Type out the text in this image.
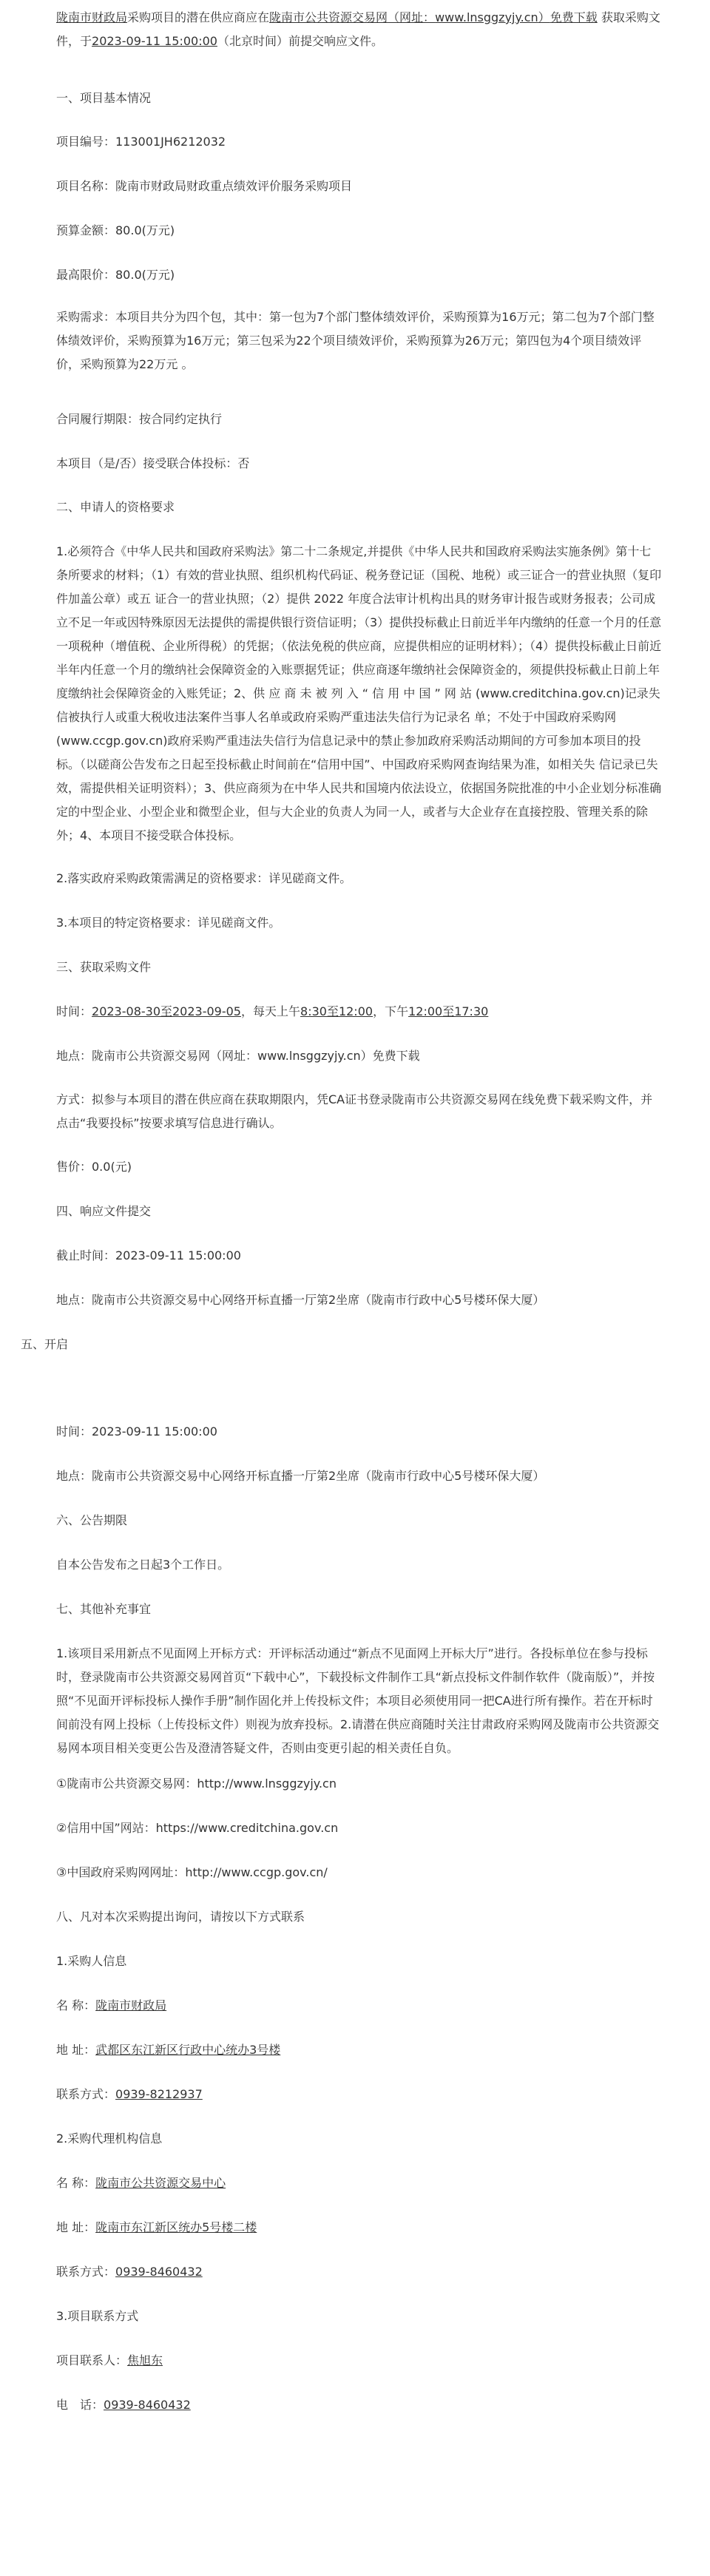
陇南市财政局采购项目的潜在供应商应在陇南市公共资源交易网（网址：www.lnsggzyjy.cn）免费下载 获取采购文件，于2023-09-11 15:00:00（北京时间）前提交响应文件。

一、项目基本情况

项目编号：113001JH6212032

项目名称：陇南市财政局财政重点绩效评价服务采购项目

预算金额：80.0(万元)

最高限价：80.0(万元)

采购需求：本项目共分为四个包，其中：第一包为7个部门整体绩效评价，采购预算为16万元；第二包为7个部门整体绩效评价，采购预算为16万元；第三包采为22个项目绩效评价，采购预算为26万元；第四包为4个项目绩效评价，采购预算为22万元 。

合同履行期限：按合同约定执行

本项目（是/否）接受联合体投标：否

二、申请人的资格要求

1.必须符合《中华人民共和国政府采购法》第二十二条规定,并提供《中华人民共和国政府采购法实施条例》第十七条所要求的材料；（1）有效的营业执照、组织机构代码证、税务登记证（国税、地税）或三证合一的营业执照（复印件加盖公章）或五 证合一的营业执照；（2）提供 2022 年度合法审计机构出具的财务审计报告或财务报表；公司成立不足一年或因特殊原因无法提供的需提供银行资信证明；（3）提供投标截止日前近半年内缴纳的任意一个月的任意一项税种（增值税、企业所得税）的凭据；（依法免税的供应商，应提供相应的证明材料）；（4）提供投标截止日前近半年内任意一个月的缴纳社会保障资金的入账票据凭证；供应商逐年缴纳社会保障资金的，须提供投标截止日前上年度缴纳社会保障资金的入账凭证；2、供 应 商 未 被 列 入 “ 信 用 中 国 ” 网 站 (www.creditchina.gov.cn)记录失信被执行人或重大税收违法案件当事人名单或政府采购严重违法失信行为记录名 单；不处于中国政府采购网(www.ccgp.gov.cn)政府采购严重违法失信行为信息记录中的禁止参加政府采购活动期间的方可参加本项目的投标。（以磋商公告发布之日起至投标截止时间前在“信用中国”、中国政府采购网查询结果为准，如相关失 信记录已失效，需提供相关证明资料）；3、供应商须为在中华人民共和国境内依法设立，依据国务院批准的中小企业划分标准确定的中型企业、小型企业和微型企业，但与大企业的负责人为同一人，或者与大企业存在直接控股、管理关系的除外；4、本项目不接受联合体投标。

2.落实政府采购政策需满足的资格要求：详见磋商文件。

3.本项目的特定资格要求：详见磋商文件。

三、获取采购文件

时间：2023-08-30至2023-09-05，每天上午8:30至12:00，下午12:00至17:30

地点：陇南市公共资源交易网（网址：www.lnsggzyjy.cn）免费下载

方式：拟参与本项目的潜在供应商在获取期限内，凭CA证书登录陇南市公共资源交易网在线免费下载采购文件，并点击“我要投标”按要求填写信息进行确认。

售价：0.0(元)

四、响应文件提交

截止时间：2023-09-11 15:00:00

地点：陇南市公共资源交易中心网络开标直播一厅第2坐席（陇南市行政中心5号楼环保大厦）

五、开启

时间：2023-09-11 15:00:00

地点：陇南市公共资源交易中心网络开标直播一厅第2坐席（陇南市行政中心5号楼环保大厦）

六、公告期限

自本公告发布之日起3个工作日。

七、其他补充事宜

1.该项目采用新点不见面网上开标方式：开评标活动通过“新点不见面网上开标大厅”进行。各投标单位在参与投标时，登录陇南市公共资源交易网首页“下载中心”，下载投标文件制作工具“新点投标文件制作软件（陇南版）”，并按照“不见面开评标投标人操作手册”制作固化并上传投标文件；本项目必须使用同一把CA进行所有操作。若在开标时间前没有网上投标（上传投标文件）则视为放弃投标。2.请潜在供应商随时关注甘肃政府采购网及陇南市公共资源交易网本项目相关变更公告及澄清答疑文件，否则由变更引起的相关责任自负。

①陇南市公共资源交易网：http://www.lnsggzyjy.cn

②信用中国”网站：https://www.creditchina.gov.cn

③中国政府采购网网址：http://www.ccgp.gov.cn/

八、凡对本次采购提出询问，请按以下方式联系

1.采购人信息

名 称：陇南市财政局

地 址：武都区东江新区行政中心统办3号楼

联系方式：0939-8212937

2.采购代理机构信息

名 称：陇南市公共资源交易中心

地 址：陇南市东江新区统办5号楼二楼

联系方式：0939-8460432

3.项目联系方式

项目联系人：焦旭东

电　话：0939-8460432
